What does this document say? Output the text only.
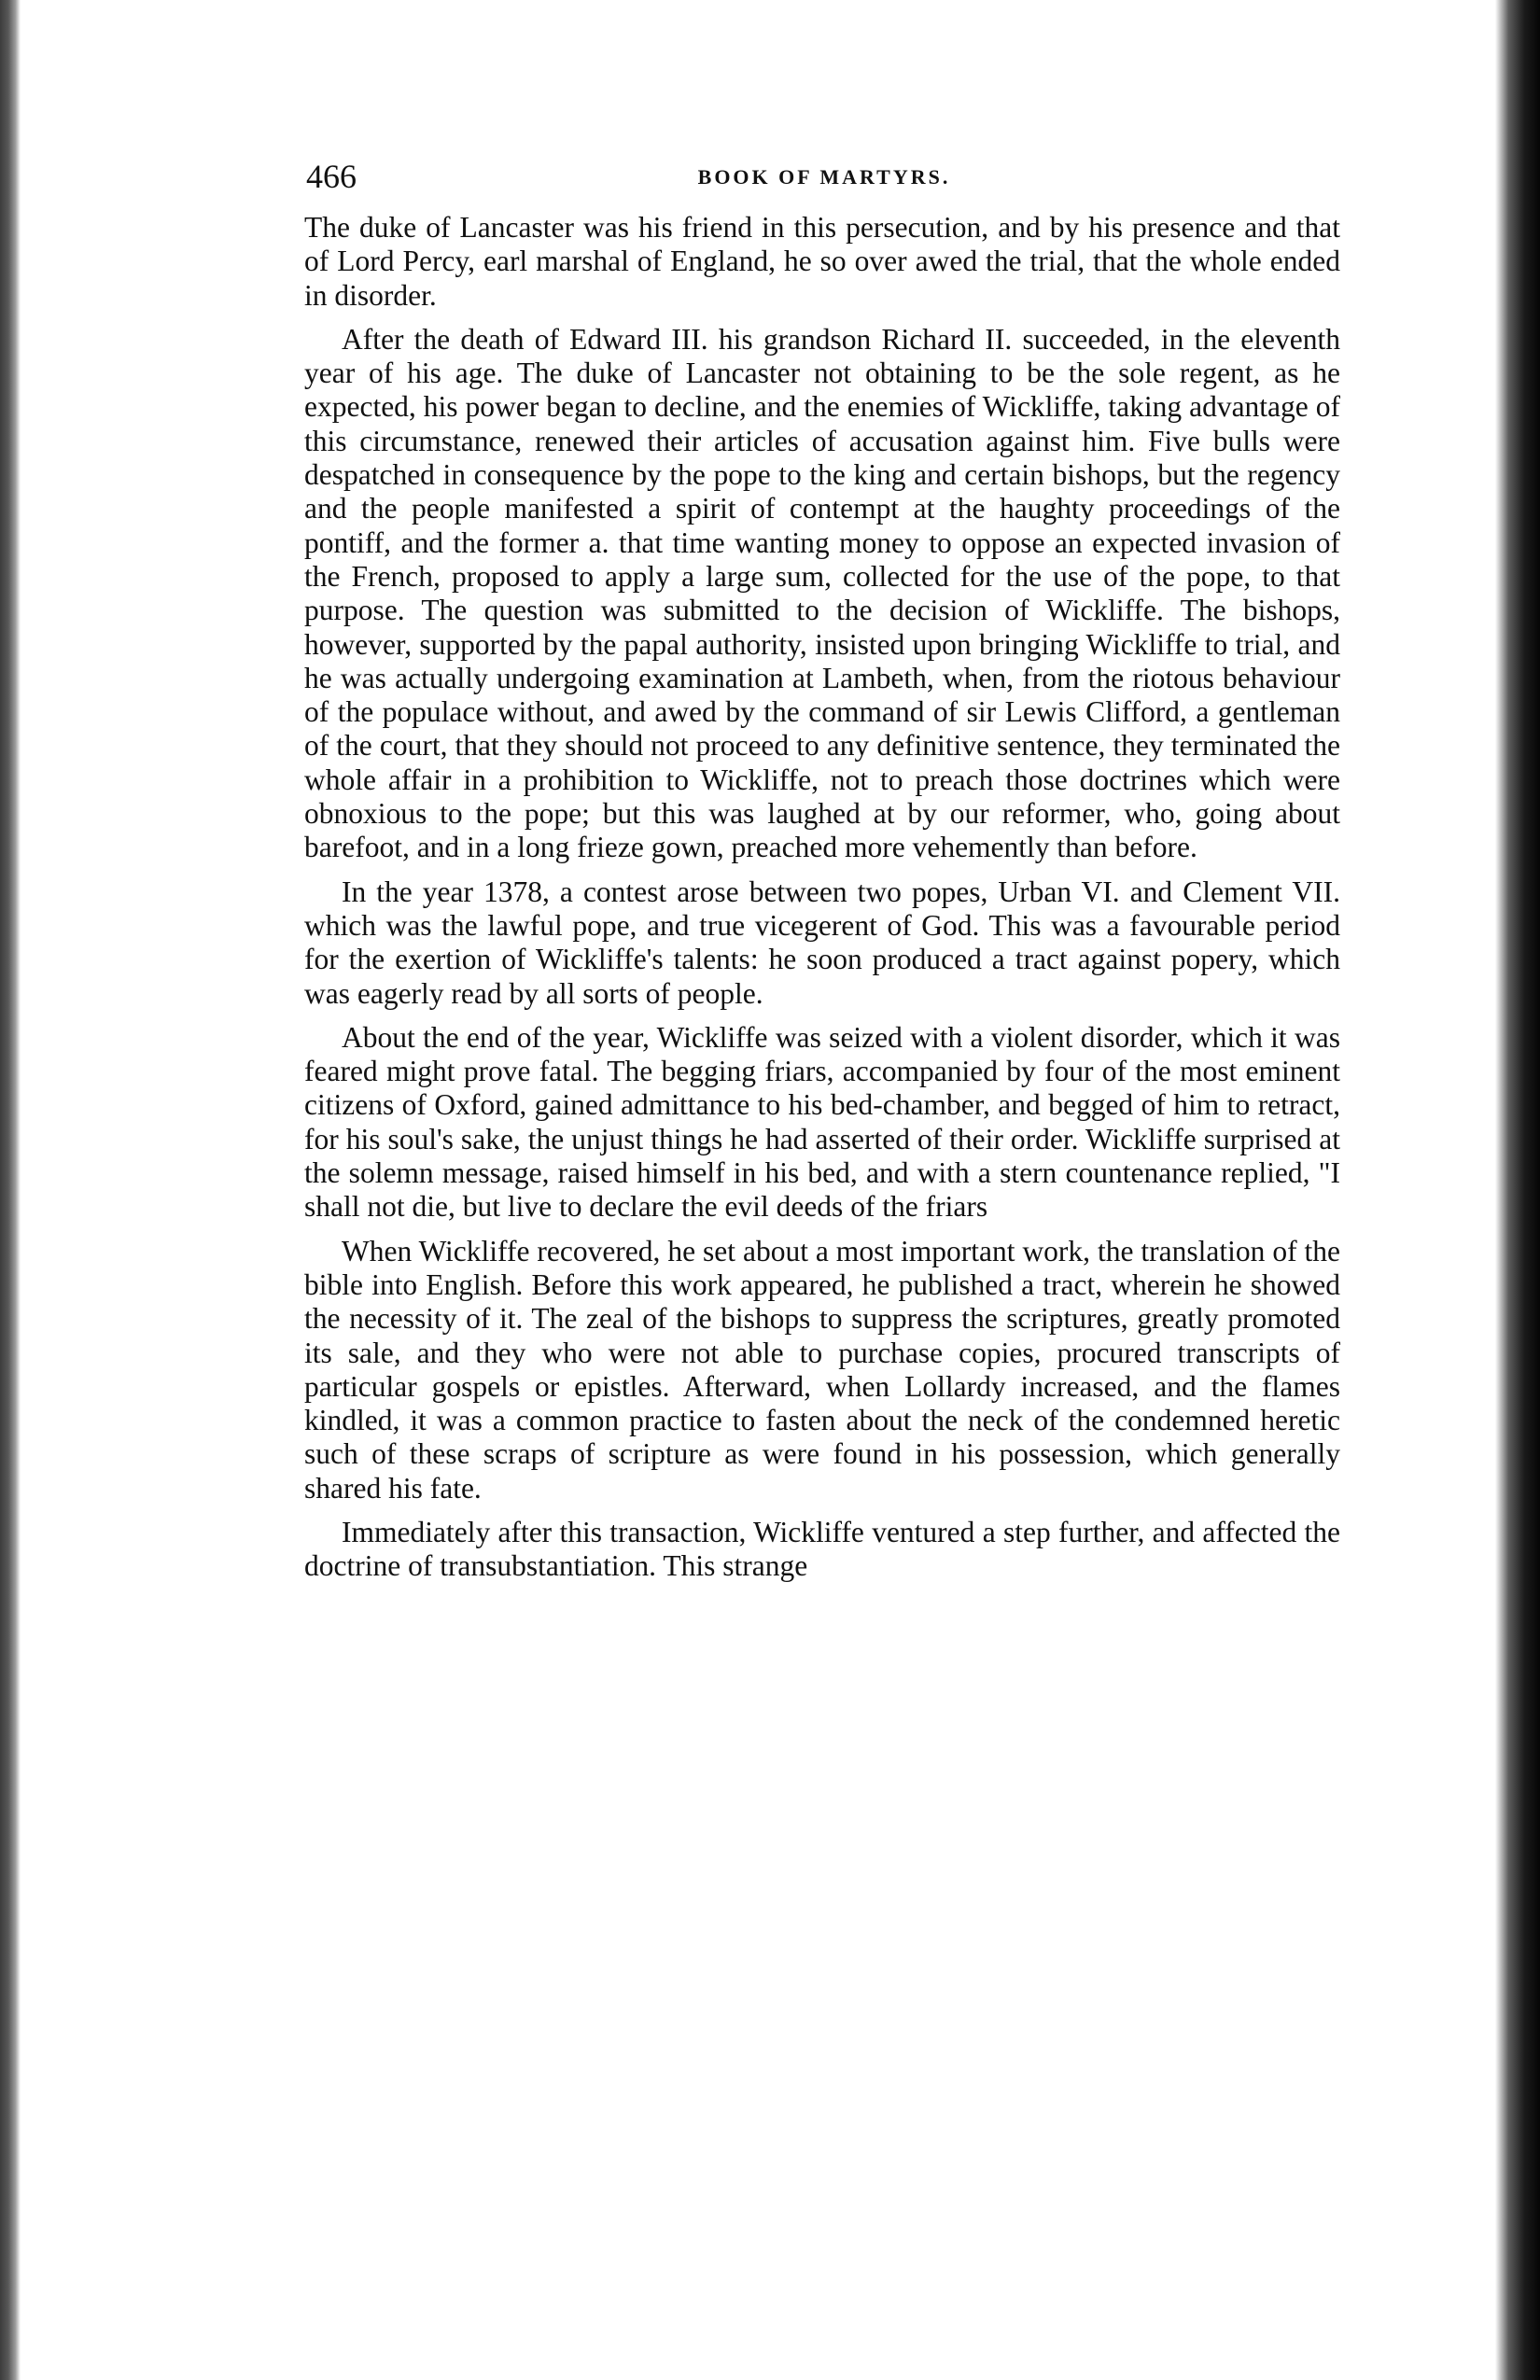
466	BOOK OF MARTYRS.

The duke of Lancaster was his friend in this persecution, and by his presence and that of Lord Percy, earl marshal of England, he so over awed the trial, that the whole ended in disorder.

After the death of Edward III. his grandson Richard II. succeeded, in the eleventh year of his age. The duke of Lancaster not obtaining to be the sole regent, as he expected, his power began to decline, and the enemies of Wickliffe, taking advantage of this circumstance, renewed their articles of accusation against him. Five bulls were despatched in consequence by the pope to the king and certain bishops, but the regency and the people manifested a spirit of contempt at the haughty proceedings of the pontiff, and the former a. that time wanting money to oppose an expected invasion of the French, proposed to apply a large sum, collected for the use of the pope, to that purpose. The question was submitted to the decision of Wickliffe. The bishops, however, supported by the papal authority, insisted upon bringing Wickliffe to trial, and he was actually undergoing examination at Lambeth, when, from the riotous behaviour of the populace without, and awed by the command of sir Lewis Clifford, a gentleman of the court, that they should not proceed to any definitive sentence, they terminated the whole affair in a prohibition to Wickliffe, not to preach those doctrines which were obnoxious to the pope; but this was laughed at by our reformer, who, going about barefoot, and in a long frieze gown, preached more vehemently than before.

In the year 1378, a contest arose between two popes, Urban VI. and Clement VII. which was the lawful pope, and true vicegerent of God. This was a favourable period for the exertion of Wickliffe's talents: he soon produced a tract against popery, which was eagerly read by all sorts of people.

About the end of the year, Wickliffe was seized with a violent disorder, which it was feared might prove fatal. The begging friars, accompanied by four of the most eminent citizens of Oxford, gained admittance to his bed-chamber, and begged of him to retract, for his soul's sake, the unjust things he had asserted of their order. Wickliffe surprised at the solemn message, raised himself in his bed, and with a stern countenance replied, "I shall not die, but live to declare the evil deeds of the friars

When Wickliffe recovered, he set about a most important work, the translation of the bible into English. Before this work appeared, he published a tract, wherein he showed the necessity of it. The zeal of the bishops to suppress the scriptures, greatly promoted its sale, and they who were not able to purchase copies, procured transcripts of particular gospels or epistles. Afterward, when Lollardy increased, and the flames kindled, it was a common practice to fasten about the neck of the condemned heretic such of these scraps of scripture as were found in his possession, which generally shared his fate.

Immediately after this transaction, Wickliffe ventured a step further, and affected the doctrine of transubstantiation. This strange
